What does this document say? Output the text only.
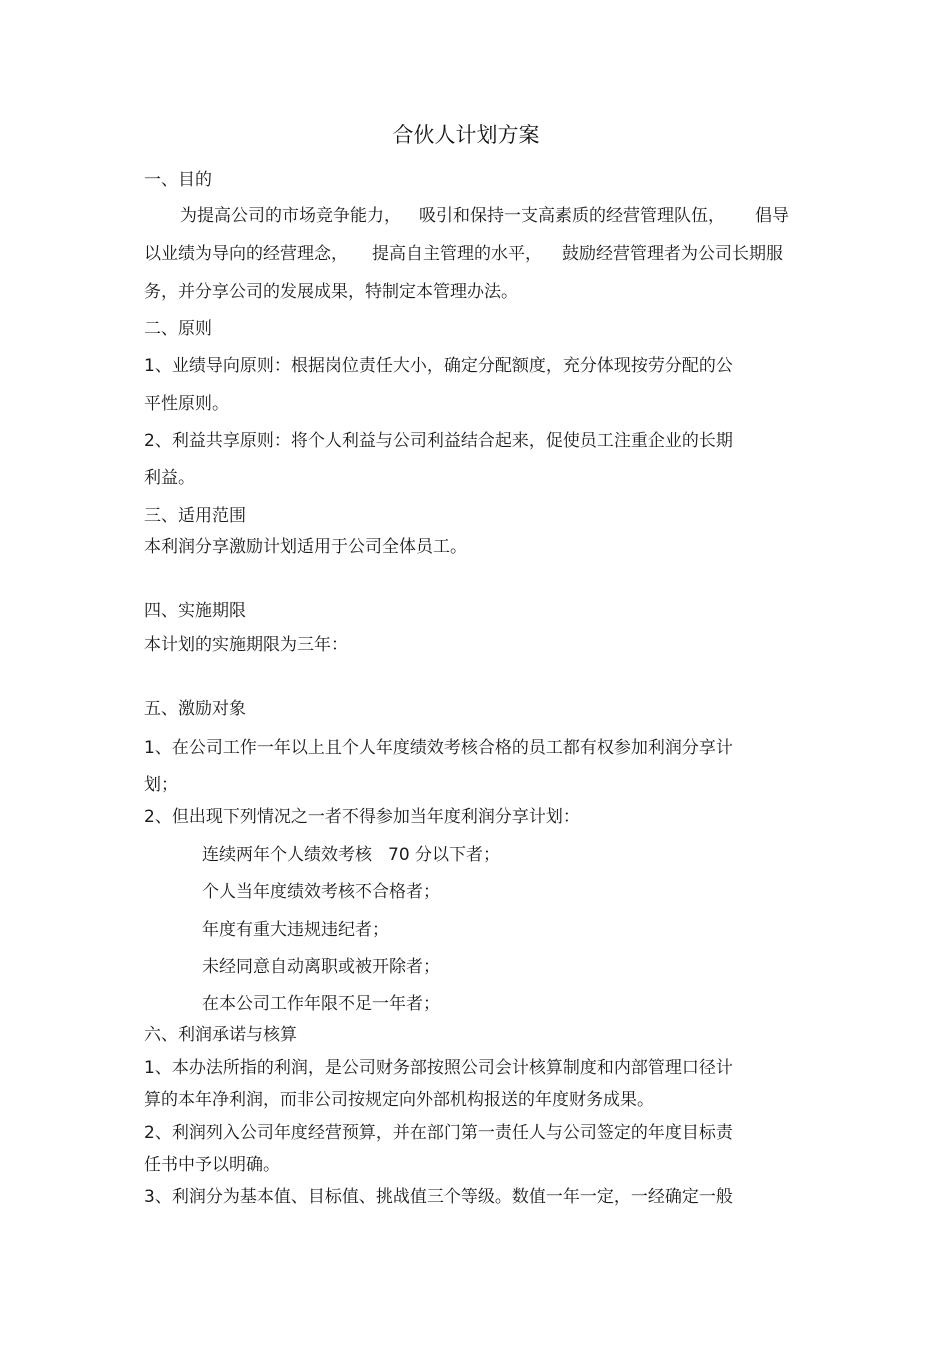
合伙人计划方案
一、目的
为提高公司的市场竞争能力， 吸引和保持一支高素质的经营管理队伍， 倡导
以业绩为导向的经营理念， 提高自主管理的水平， 鼓励经营管理者为公司长期服
务，并分享公司的发展成果，特制定本管理办法。
二、原则
1、业绩导向原则：根据岗位责任大小，确定分配额度，充分体现按劳分配的公
平性原则。
2、利益共享原则：将个人利益与公司利益结合起来，促使员工注重企业的长期
利益。
三、适用范围
本利润分享激励计划适用于公司全体员工。
四、实施期限
本计划的实施期限为三年：
五、激励对象
1、在公司工作一年以上且个人年度绩效考核合格的员工都有权参加利润分享计
划；
2、但出现下列情况之一者不得参加当年度利润分享计划：
连续两年个人绩效考核 70 分以下者；
个人当年度绩效考核不合格者；
年度有重大违规违纪者；
未经同意自动离职或被开除者；
在本公司工作年限不足一年者；
六、利润承诺与核算
1、本办法所指的利润，是公司财务部按照公司会计核算制度和内部管理口径计
算的本年净利润，而非公司按规定向外部机构报送的年度财务成果。
2、利润列入公司年度经营预算，并在部门第一责任人与公司签定的年度目标责
任书中予以明确。
3、利润分为基本值、目标值、挑战值三个等级。数值一年一定，一经确定一般
